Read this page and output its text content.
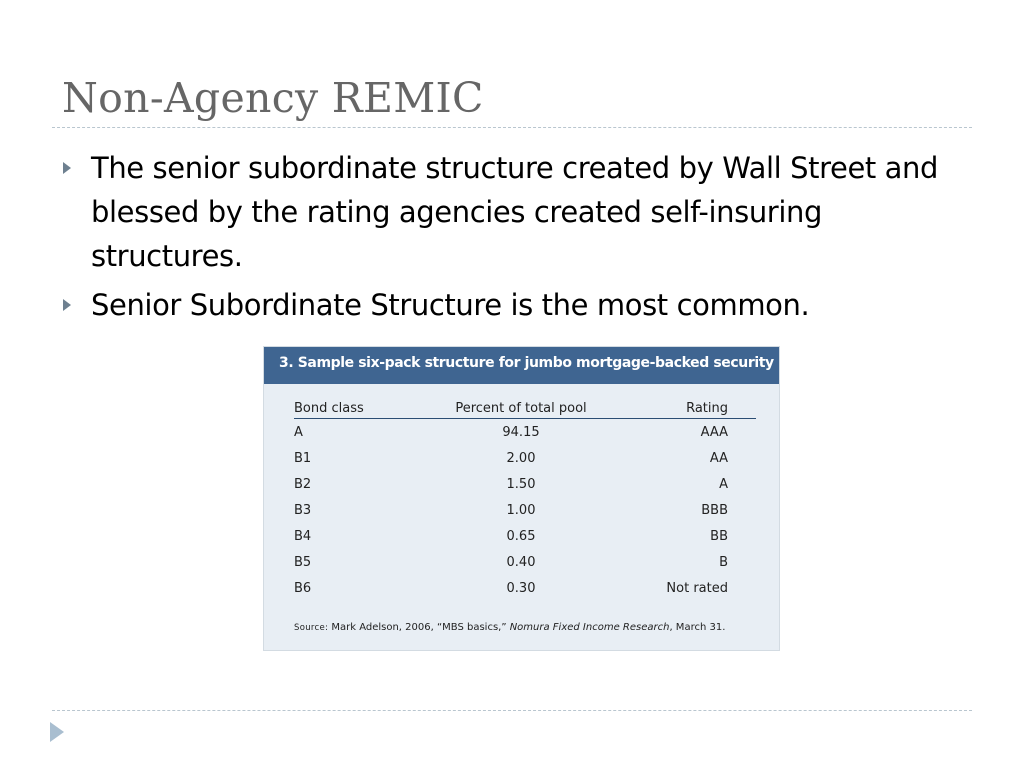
Non-Agency REMIC
The senior subordinate structure created by Wall Street and blessed by the rating agencies created self-insuring structures.
Senior Subordinate Structure is the most common.
3. Sample six-pack structure for jumbo mortgage-backed security
Bond class	Percent of total pool	Rating
A	94.15	AAA
B1	2.00	AA
B2	1.50	A
B3	1.00	BBB
B4	0.65	BB
B5	0.40	B
B6	0.30	Not rated
Source: Mark Adelson, 2006, “MBS basics,” Nomura Fixed Income Research, March 31.
